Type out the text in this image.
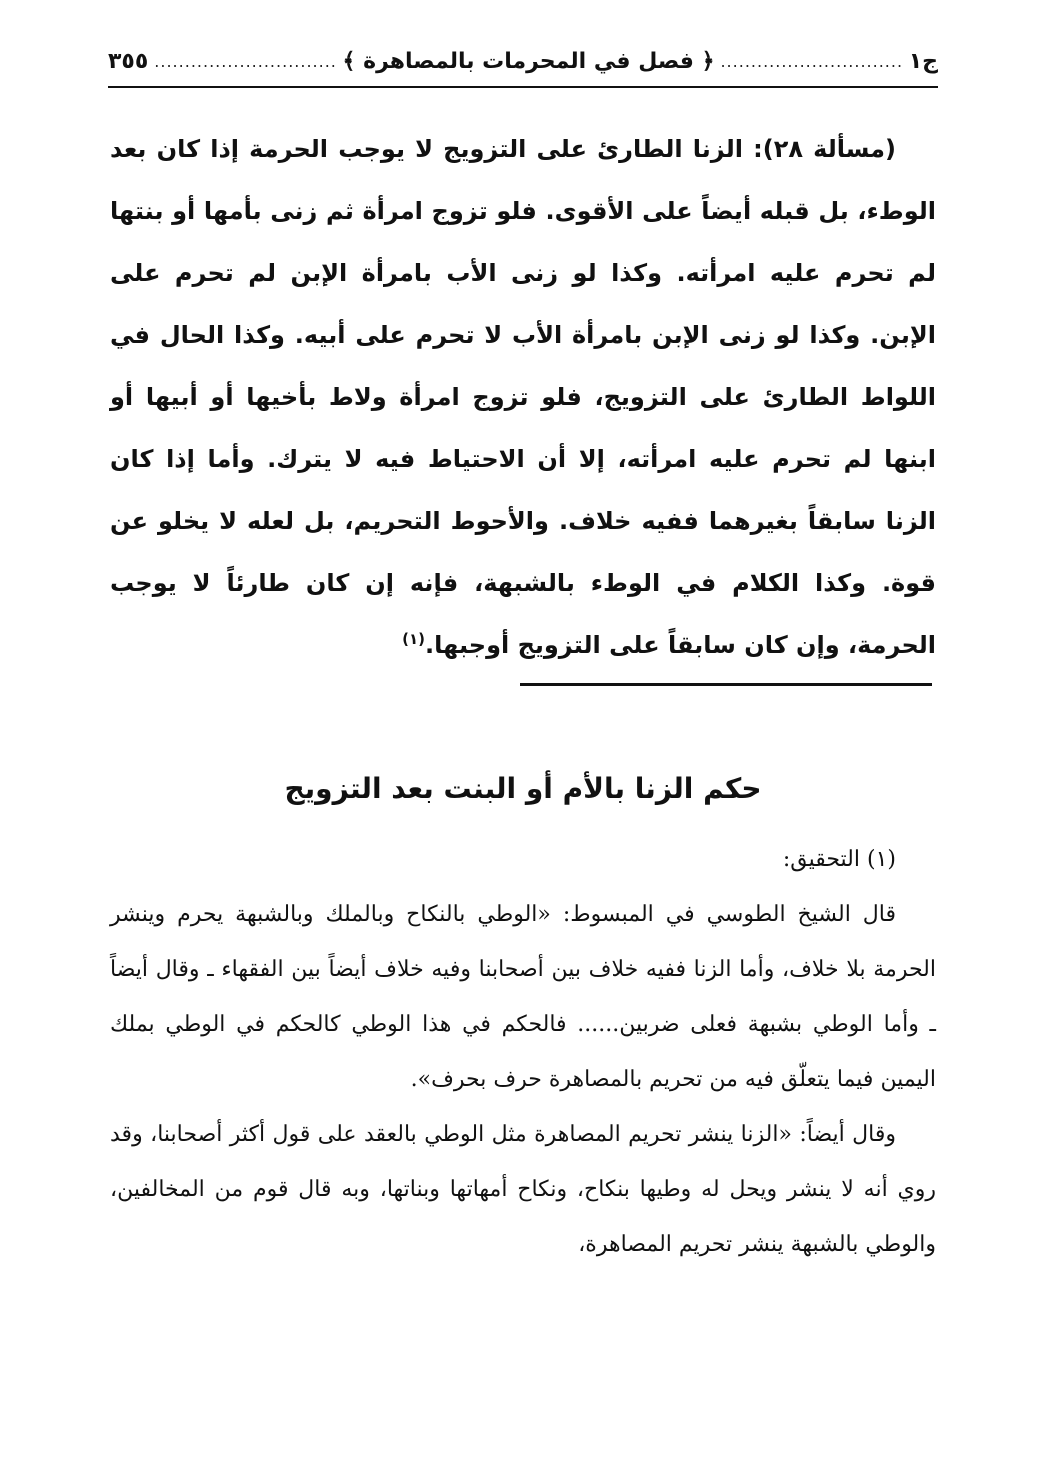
ج١
.....
﴿ فصل في المحرمات بالمصاهرة ﴾
.....
٣٥٥

(مسألة ٢٨): الزنا الطارئ على التزويج لا يوجب الحرمة إذا كان بعد الوطء، بل قبله أيضاً على الأقوى. فلو تزوج امرأة ثم زنى بأمها أو بنتها لم تحرم عليه امرأته. وكذا لو زنى الأب بامرأة الإبن لم تحرم على الإبن. وكذا لو زنى الإبن بامرأة الأب لا تحرم على أبيه. وكذا الحال في اللواط الطارئ على التزويج، فلو تزوج امرأة ولاط بأخيها أو أبيها أو ابنها لم تحرم عليه امرأته، إلا أن الاحتياط فيه لا يترك. وأما إذا كان الزنا سابقاً بغيرهما ففيه خلاف. والأحوط التحريم، بل لعله لا يخلو عن قوة. وكذا الكلام في الوطء بالشبهة، فإنه إن كان طارئاً لا يوجب الحرمة، وإن كان سابقاً على التزويج أوجبها.$^{(١)}$

حكم الزنا بالأم أو البنت بعد التزويج

(١) التحقيق:

قال الشيخ الطوسي في المبسوط: «الوطي بالنكاح وبالملك وبالشبهة يحرم وينشر الحرمة بلا خلاف، وأما الزنا ففيه خلاف بين أصحابنا وفيه خلاف أيضاً بين الفقهاء ـ وقال أيضاً ـ وأما الوطي بشبهة فعلى ضربين...... فالحكم في هذا الوطي كالحكم في الوطي بملك اليمين فيما يتعلّق فيه من تحريم بالمصاهرة حرف بحرف».

وقال أيضاً: «الزنا ينشر تحريم المصاهرة مثل الوطي بالعقد على قول أكثر أصحابنا، وقد روي أنه لا ينشر ويحل له وطيها بنكاح، ونكاح أمهاتها وبناتها، وبه قال قوم من المخالفين، والوطي بالشبهة ينشر تحريم المصاهرة،
